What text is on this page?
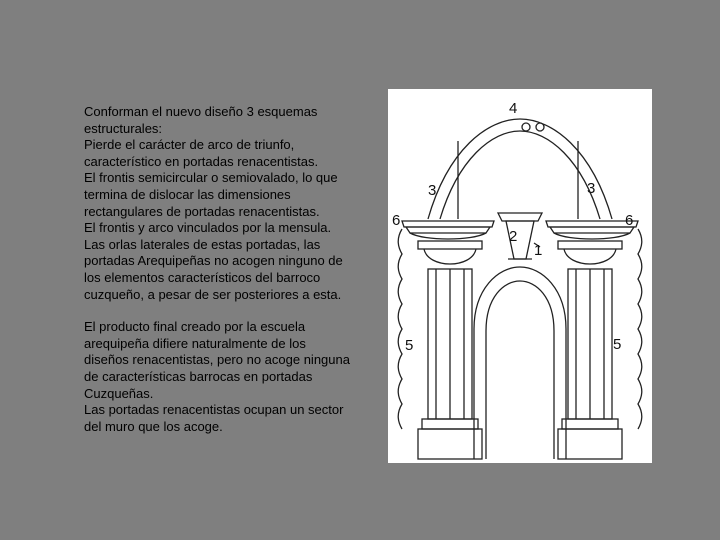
Conforman el nuevo diseño 3 esquemas
estructurales:
Pierde el carácter de arco de triunfo,
característico en portadas renacentistas.
El frontis semicircular o semiovalado, lo que
termina de dislocar las dimensiones
rectangulares de portadas renacentistas.
El frontis y arco vinculados por la mensula.
Las orlas laterales de estas portadas, las
portadas Arequipeñas no acogen ninguno de
los elementos característicos del barroco
cuzqueño, a pesar de ser posteriores a esta.

El producto final creado por la escuela
arequipeña difiere naturalmente de los
diseños renacentistas, pero no acoge ninguna
de características barrocas en portadas
Cuzqueñas.
Las portadas renacentistas ocupan un sector
del muro que los acoge.

4
3	3
6	6
2
1
5	5
